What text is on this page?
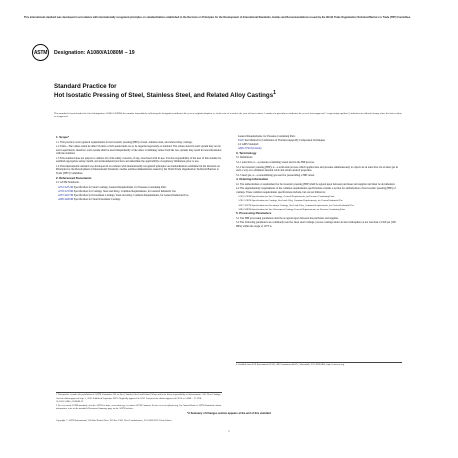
This international standard was developed in accordance with internationally recognized principles on standardization established in the Decision on Principles for the Development of International Standards, Guides and Recommendations issued by the World Trade Organization Technical Barriers to Trade (TBT) Committee.
ASTM Designation: A1080/A1080M − 19
Standard Practice for
Hot Isostatic Pressing of Steel, Stainless Steel, and Related Alloy Castings$^1$
This standard is issued under the fixed designation A1080/A1080M; the number immediately following the designation indicates the year of original adoption or, in the case of revision, the year of last revision. A number in parentheses indicates the year of last reapproval. A superscript epsilon (ε) indicates an editorial change since the last revision or reapproval.
1. Scope*

1.1 This practice covers general requirements for hot isostatic pressing (HIP) of steel, stainless steel, and related alloy castings.

1.2 Units—The values stated in either SI units or inch-pound units are to be regarded separately as standard. The values stated in each system may not be exact equivalents; therefore, each system shall be used independently of the other. Combining values from the two systems may result in nonconformance with the standard.

1.3 This standard does not purport to address all of the safety concerns, if any, associated with its use. It is the responsibility of the user of this standard to establish appropriate safety, health, and environmental practices and determine the applicability of regulatory limitations prior to use.

1.4 This international standard was developed in accordance with internationally recognized principles on standardization established in the Decision on Principles for the Development of International Standards, Guides and Recommendations issued by the World Trade Organization Technical Barriers to Trade (TBT) Committee.

2. Referenced Documents

2.1 ASTM Standards:

A351/A351M Specification for Steel Castings, General Requirements, for Pressure-Containing Parts
A703/A703M Specification for Castings, Steel and Alloy, Common Requirements, for General Industrial Use
A957/A957M Specification for Investment Castings, Steel and Alloy, Common Requirements, for General Industrial Use
A985/A985M Specification for Steel Investment Castings

1 This practice is under the jurisdiction of ASTM Committee A01 on Steel, Stainless Steel and Related Alloys and is the direct responsibility of Subcommittee A01.18 on Castings.

Current edition approved Sept. 1, 2019. Published September 2019. Originally approved in 2012. Last previous edition approved in 2012 as A1080 − 12. DOI: 10.1520/A1080_A1080M-19.

2 For referenced ASTM standards, visit the ASTM website, www.astm.org, or contact ASTM Customer Service at service@astm.org. For Annual Book of ASTM Standards volume information, refer to the standard's Document Summary page on the ASTM website.

General Requirements, for Pressure-Containing Parts
E220 Test Method for Calibration of Thermocouples By Comparison Techniques
2.2 AMS Standard:
AMS 2750 Pyrometry
3. Terminology

3.1 Definitions:

3.1.1 autoclave, n—a pressure-containing vessel used in the HIP process.

3.1.2 hot isostatic pressing (HIP), n—a solid-state process which applies heat and pressure simultaneously to objects in an autoclave via an inert gas in such a way as to eliminate internal voids and obtain desired properties.

3.1.3 inert gas, n—a nonoxidizing gas used for pressurizing a HIP vessel.

4. Ordering Information

4.1 The authorization or requirement for hot isostatic pressing (HIP) shall be agreed upon between purchaser and supplier and must be documented.

4.2 The supplementary requirements of the common requirements specifications contain a section for authorization of hot isostatic pressing (HIP) of castings. These common requirements specifications include, but are not limited to:

A703/A703M Specification for Steel Castings, General Requirements, for Pressure-Containing Parts

A781/A781M Specification for Castings, Steel and Alloy, Common Requirements, for General Industrial Use

A957/A957M Specification for Investment Castings, Steel and Alloy, Common Requirements, for General Industrial Use

A985/A985M Specification for Steel Investment Castings General Requirements, for Pressure-Containing Parts

5. Processing Parameters

5.1 The HIP processing parameters shall be as agreed upon between the purchaser and supplier.

5.2 The following parameters are commonly used for most steel castings: process castings under an inert atmosphere at not less than 14 500 psi [100 MPa] within the range of 1975 to

3 Available from SAE International (SAE), 400 Commonwealth Dr., Warrendale, PA 15096-0001, http://www.sae.org.

*A Summary of Changes section appears at the end of this standard
Copyright © ASTM International, 100 Barr Harbor Drive, PO Box C700, West Conshohocken, PA 19428-2959. United States
1
